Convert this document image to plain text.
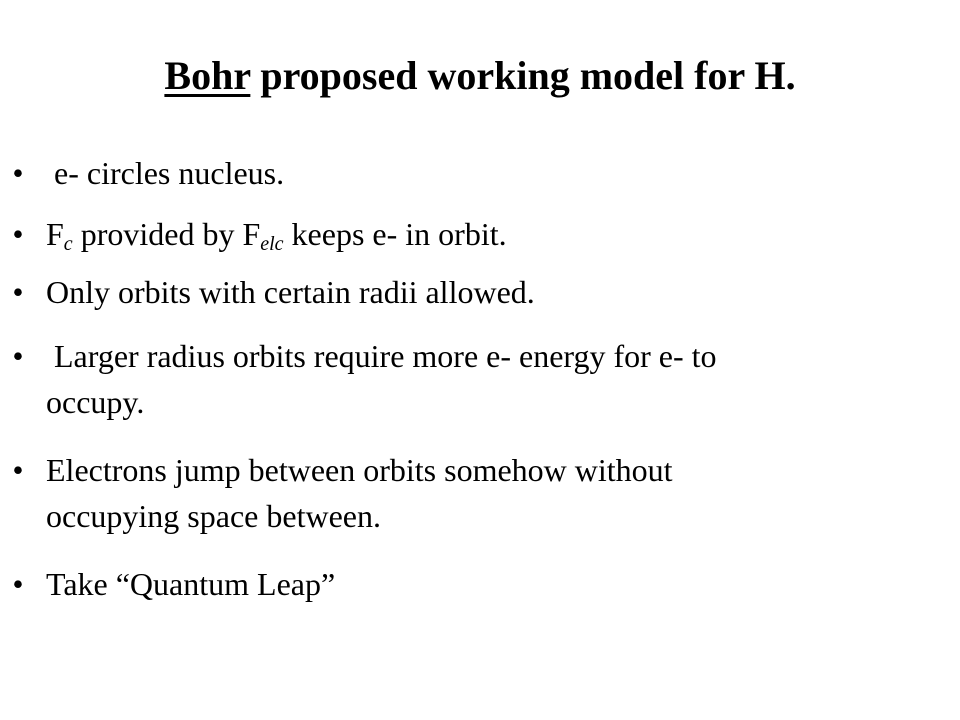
Bohr proposed working model for H.
• e- circles nucleus.
• $F_c$ provided by $F_{elc}$ keeps e- in orbit.
• Only orbits with certain radii allowed.
• Larger radius orbits require more e- energy for e- to
occupy.
• Electrons jump between orbits somehow without
occupying space between.
• Take “Quantum Leap”
